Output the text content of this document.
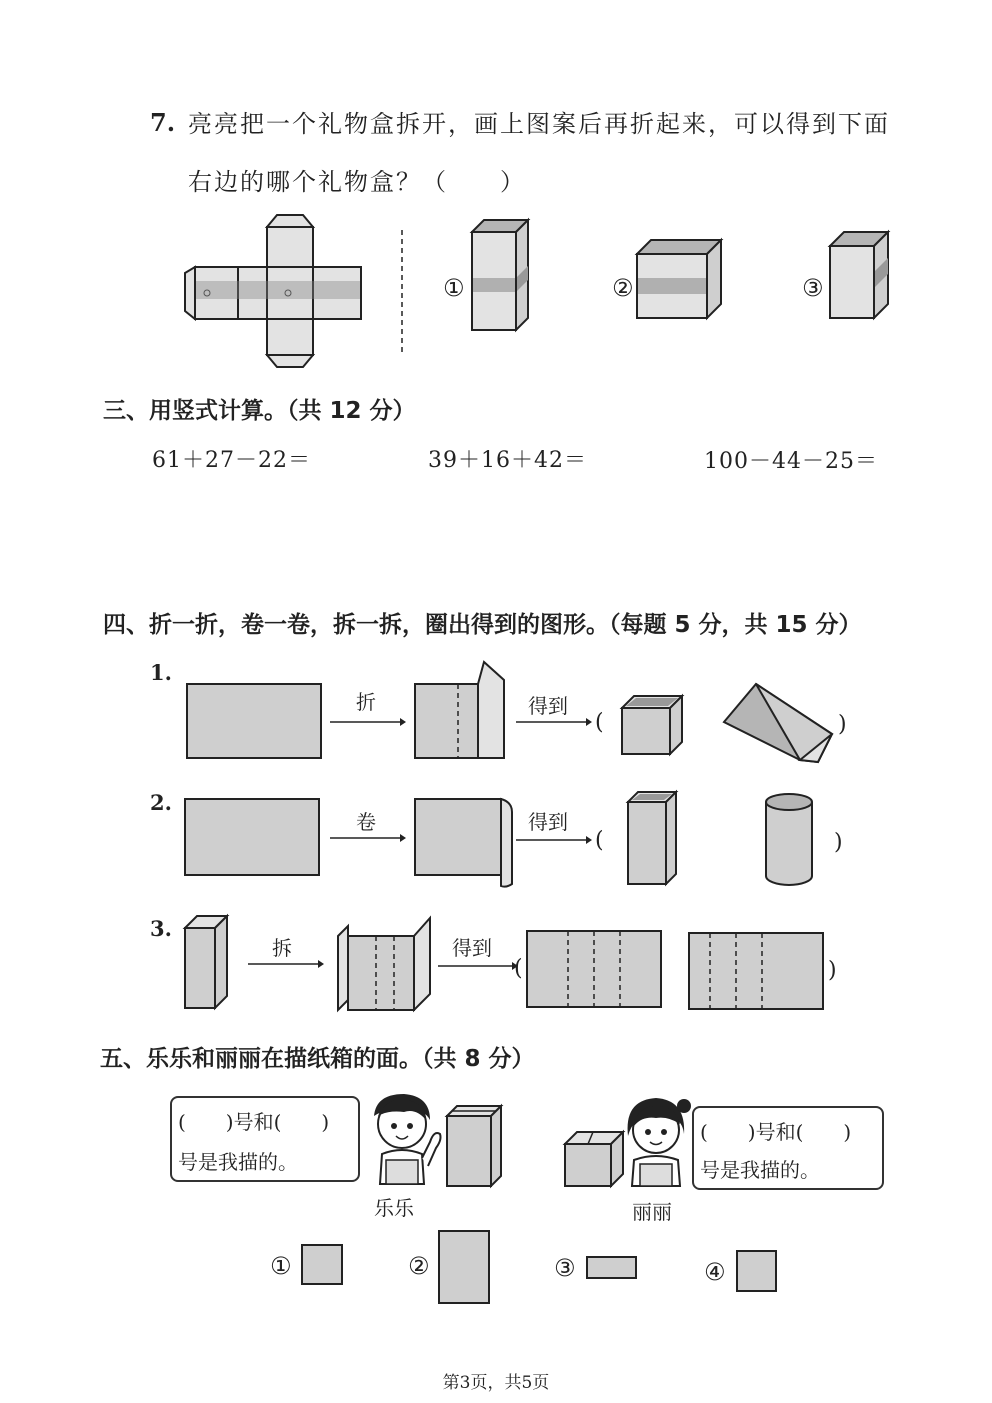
7. 亮亮把一个礼物盒拆开，画上图案后再折起来，可以得到下面
右边的哪个礼物盒？（　　）
①	②	③
三、用竖式计算。（共 12 分）
61＋27－22＝	39＋16＋42＝	100－44－25＝
四、折一折，卷一卷，拆一拆，圈出得到的图形。（每题 5 分，共 15 分）
1.
折	得到
(	)
2.
卷	得到
(	)
3.
拆	得到
(	)
五、乐乐和丽丽在描纸箱的面。（共 8 分）
(　　)号和(　　)
号是我描的。
乐乐	丽丽
(　　)号和(　　)
号是我描的。
①	②	③	④
第3页，共5页
